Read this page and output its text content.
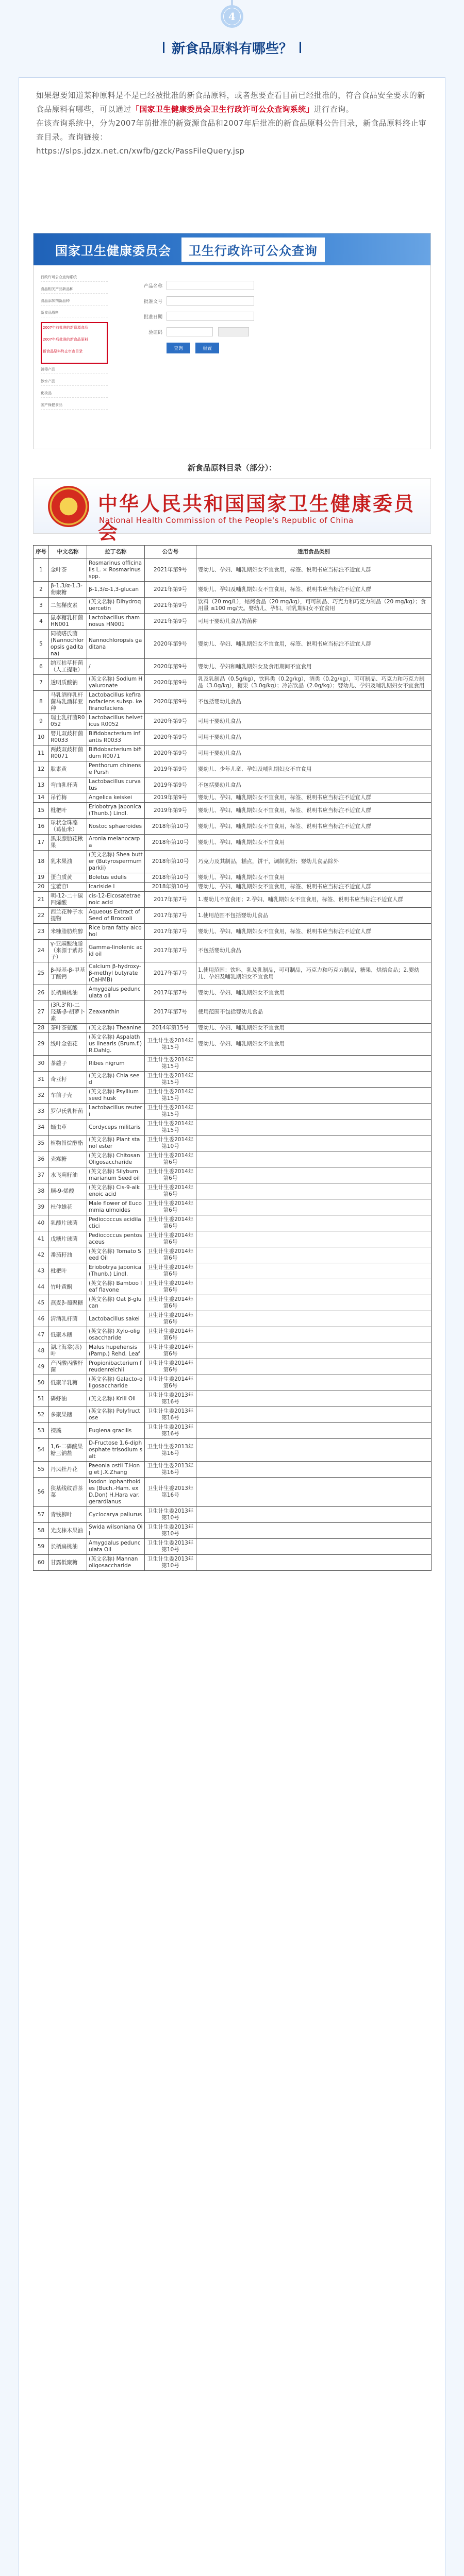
4
新食品原料有哪些？
如果想要知道某种原料是不是已经被批准的新食品原料，或者想要查看目前已经批准的，符合食品安全要求的新食品原料有哪些，可以通过「国家卫生健康委员会卫生行政许可公众查询系统」进行查询。
在该查询系统中，分为2007年前批准的新资源食品和2007年后批准的新食品原料公告目录，新食品原料终止审查目录。查询链接：
https://slps.jdzx.net.cn/xwfb/gzck/PassFileQuery.jsp
国家卫生健康委员会	卫生行政许可公众查询
行政许可公众查询系统
食品相关产品新品种
食品添加剂新品种
新食品原料
2007年前批准的新资源食品
2007年后批准的新食品原料
新食品原料终止审查目录
消毒产品
涉水产品
化妆品
国产保健食品
产品名称
批准文号
批准日期
验证码
查询	重置
新食品原料目录（部分）：
★ 中华人民共和国国家卫生健康委员会
National Health Commission of the People's Republic of China
序号	中文名称	拉丁名称	公告号	适用食品类别
1	金叶茶	Rosmarinus officinalis L. × Rosmarinus spp.	2021年第9号	婴幼儿、孕妇、哺乳期妇女不宜食用，标签、说明书应当标注不适宜人群
2	β-1,3/α-1,3-葡聚糖	β-1,3/α-1,3-glucan	2021年第9号	婴幼儿、孕妇及哺乳期妇女不宜食用，标签、说明书应当标注不适宜人群
3	二氢槲皮素	(英文名称) Dihydroquercetin	2021年第9号	饮料（20 mg/L），焙烤食品（20 mg/kg），可可制品、巧克力和巧克力制品（20 mg/kg）；食用量 ≤100 mg/天。婴幼儿、孕妇、哺乳期妇女不宜食用
4	鼠李糖乳杆菌HN001	Lactobacillus rhamnosus HN001	2021年第9号	可用于婴幼儿食品的菌种
5	同棱嗜氏菌 (Nannochloropsis gaditana)	Nannochloropsis gaditana	2020年第9号	婴幼儿、孕妇、哺乳期妇女不宜食用，标签、说明书应当标注不适宜人群
6	纳豆枯草杆菌（人工提取）	/	2020年第9号	婴幼儿、孕妇和哺乳期妇女及食用期间不宜食用
7	透明质酸钠	(英文名称) Sodium Hyaluronate	2020年第9号	乳及乳制品（0.5g/kg），饮料类（0.2g/kg），酒类（0.2g/kg），可可制品、巧克力和巧克力制品（3.0g/kg），糖果（3.0g/kg）；冷冻饮品（2.0g/kg）；婴幼儿、孕妇及哺乳期妇女不宜食用
8	马乳酒样乳杆菌马乳酒样亚种	Lactobacillus kefiranofaciens subsp. kefiranofaciens	2020年第9号	不包括婴幼儿食品
9	瑞士乳杆菌R0052	Lactobacillus helveticus R0052	2020年第9号	可用于婴幼儿食品
10	婴儿双歧杆菌R0033	Bifidobacterium infantis R0033	2020年第9号	可用于婴幼儿食品
11	两歧双歧杆菌R0071	Bifidobacterium bifidum R0071	2020年第9号	可用于婴幼儿食品
12	肽素黄	Penthorum chinense Pursh	2019年第9号	婴幼儿、少年儿童、孕妇及哺乳期妇女不宜食用
13	弯曲乳杆菌	Lactobacillus curvatus	2019年第9号	不包括婴幼儿食品
14	吊竹梅	Angelica keiskei	2019年第9号	婴幼儿、孕妇、哺乳期妇女不宜食用，标签、说明书应当标注不适宜人群
15	枇杷叶	Eriobotrya japonica (Thunb.) Lindl.	2019年第9号	婴幼儿、孕妇、哺乳期妇女不宜食用，标签、说明书应当标注不适宜人群
16	球状念珠藻（葛仙米）	Nostoc sphaeroides	2018年第10号	婴幼儿、孕妇、哺乳期妇女不宜食用，标签、说明书应当标注不适宜人群
17	黑果腺肋花楸果	Aronia melanocarpa	2018年第10号	婴幼儿、孕妇、哺乳期妇女不宜食用
18	乳木果油	(英文名称) Shea butter (Butyrospermum parkii)	2018年第10号	巧克力及其制品，糕点，饼干，调制乳粉；婴幼儿食品除外
19	蛋白质黄	Boletus edulis	2018年第10号	婴幼儿、孕妇、哺乳期妇女不宜食用
20	宝藿苷I	Icariside I	2018年第10号	婴幼儿、孕妇、哺乳期妇女不宜食用，标签、说明书应当标注不适宜人群
21	明-12-二十碳四烯酸	cis-12-Eicosatetraenoic acid	2017年第7号	1.婴幼儿不宜食用；2.孕妇、哺乳期妇女不宜食用，标签、说明书应当标注不适宜人群
22	西兰花种子水提物	Aqueous Extract of Seed of Broccoli	2017年第7号	1.使用范围不包括婴幼儿食品
23	米糠脂肪烷醇	Rice bran fatty alcohol	2017年第7号	婴幼儿、孕妇、哺乳期妇女不宜食用，标签、说明书应当标注不适宜人群
24	γ-亚麻酸油脂（来源于紫苏子）	Gamma-linolenic acid oil	2017年第7号	不包括婴幼儿食品
25	β-羟基-β-甲基丁酸钙	Calcium β-hydroxy-β-methyl butyrate (CaHMB)	2017年第7号	1.使用范围：饮料，乳及乳制品，可可制品，巧克力和巧克力制品，糖果，烘焙食品；2.婴幼儿、孕妇及哺乳期妇女不宜食用
26	长柄扁桃油	Amygdalus pedunculata oil	2017年第7号	婴幼儿、孕妇、哺乳期妇女不宜食用
27	(3R,3'R)-二羟基-β-胡萝卜素	Zeaxanthin	2017年第7号	使用范围不包括婴幼儿食品
28	茶叶茶氨酸	(英文名称) Theanine	2014年第15号	婴幼儿、孕妇、哺乳期妇女不宜食用
29	线叶金雀花	(英文名称) Aspalathus linearis (Brum.f.) R.Dahlg.	卫生计生委2014年第15号	婴幼儿、孕妇、哺乳期妇女不宜食用
30	茶藨子	Ribes nigrum	卫生计生委2014年第15号	
31	奇亚籽	(英文名称) Chia seed	卫生计生委2014年第15号	
32	车前子壳	(英文名称) Psyllium seed husk	卫生计生委2014年第15号	
33	罗伊氏乳杆菌	Lactobacillus reuteri	卫生计生委2014年第15号	
34	蛹虫草	Cordyceps militaris	卫生计生委2014年第15号	
35	植物甾烷醇酯	(英文名称) Plant stanol ester	卫生计生委2014年第10号	
36	壳寡糖	(英文名称) Chitosan Oligosaccharide	卫生计生委2014年第6号	
37	水飞蓟籽油	(英文名称) Silybum marianum Seed oil	卫生计生委2014年第6号	
38	顺-9-烯酸	(英文名称) Cis-9-alkenoic acid	卫生计生委2014年第6号	
39	杜仲雄花	Male flower of Eucommia ulmoides	卫生计生委2014年第6号	
40	乳酸片球菌	Pediococcus acidilactici	卫生计生委2014年第6号	
41	戊糖片球菌	Pediococcus pentosaceus	卫生计生委2014年第6号	
42	番茄籽油	(英文名称) Tomato Seed Oil	卫生计生委2014年第6号	
43	枇杷叶	Eriobotrya japonica (Thunb.) Lindl.	卫生计生委2014年第6号	
44	竹叶黄酮	(英文名称) Bamboo leaf flavone	卫生计生委2014年第6号	
45	燕麦β-葡聚糖	(英文名称) Oat β-glucan	卫生计生委2014年第6号	
46	清酒乳杆菌	Lactobacillus sakei	卫生计生委2014年第6号	
47	低聚木糖	(英文名称) Xylo-oligosaccharide	卫生计生委2014年第6号	
48	湖北海棠(茶)叶	Malus hupehensis (Pamp.) Rehd. Leaf	卫生计生委2014年第6号	
49	产丙酸丙酸杆菌	Propionibacterium freudenreichii	卫生计生委2014年第6号	
50	低聚半乳糖	(英文名称) Galacto-oligosaccharide	卫生计生委2014年第6号	
51	磷虾油	(英文名称) Krill Oil	卫生计生委2013年第16号	
52	多聚果糖	(英文名称) Polyfructose	卫生计生委2013年第16号	
53	裸藻	Euglena gracilis	卫生计生委2013年第16号	
54	1,6-二磷酸果糖三钠盐	D-Fructose 1,6-diphosphate trisodium salt	卫生计生委2013年第16号	
55	丹凤牡丹花	Paeonia ostii T.Hong et J.X.Zhang	卫生计生委2013年第16号	
56	狭基线纹香茶菜	Isodon lophanthoides (Buch.-Ham. ex D.Don) H.Hara var. gerardianus	卫生计生委2013年第16号	
57	青钱柳叶	Cyclocarya paliurus	卫生计生委2013年第10号	
58	光皮梾木果油	Swida wilsoniana Oil	卫生计生委2013年第10号	
59	长柄扁桃油	Amygdalus pedunculata Oil	卫生计生委2013年第10号	
60	甘露低聚糖	(英文名称) Mannan oligosaccharide	卫生计生委2013年第10号	
